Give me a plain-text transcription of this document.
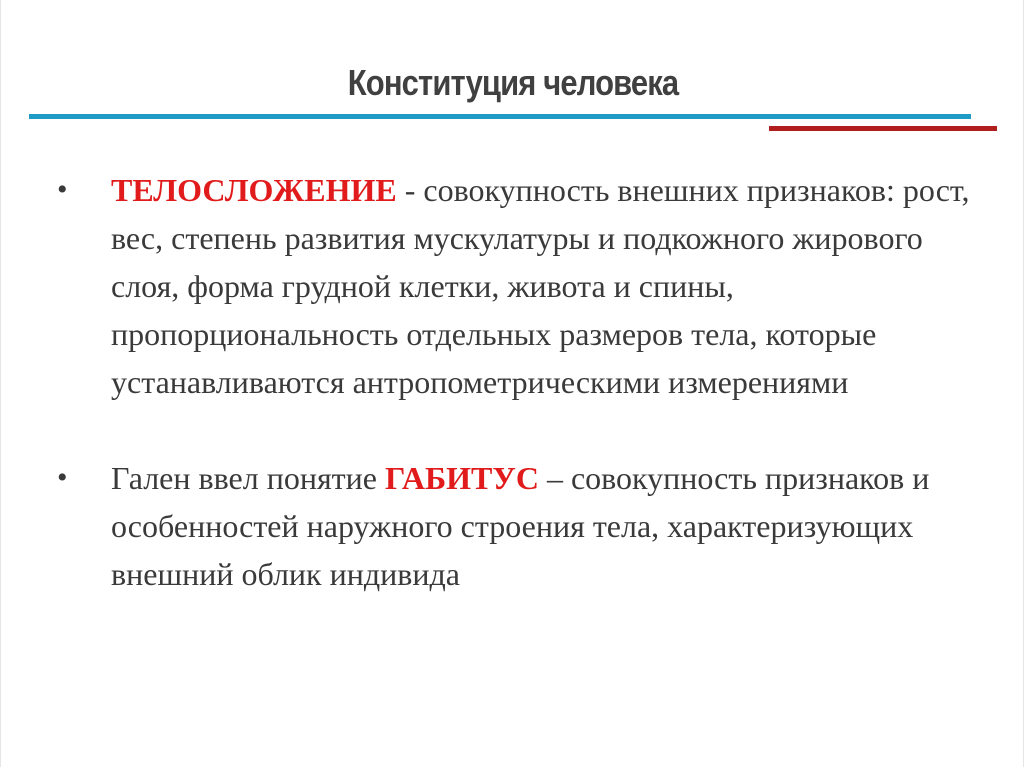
Конституция человека
• ТЕЛОСЛОЖЕНИЕ - совокупность внешних признаков: рост, вес, степень развития мускулатуры и подкожного жирового слоя, форма грудной клетки, живота и спины, пропорциональность отдельных размеров тела, которые устанавливаются антропометрическими измерениями
• Гален ввел понятие ГАБИТУС – совокупность признаков и особенностей наружного строения тела, характеризующих внешний облик индивида
